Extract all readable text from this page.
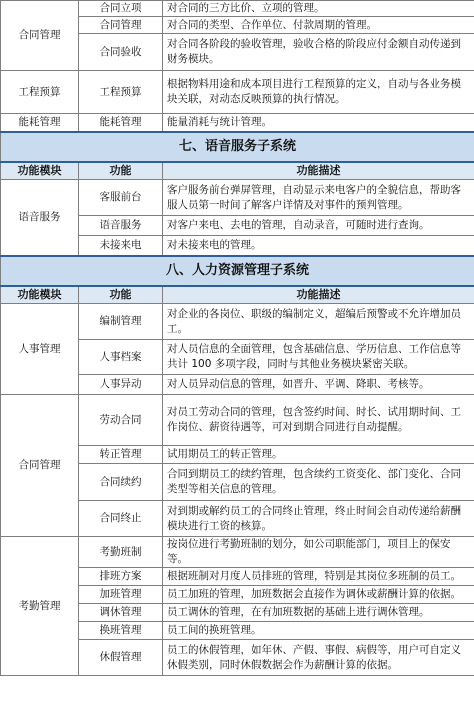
合同管理	合同立项	对合同的三方比价、立项的管理。
	合同管理	对合同的类型、合作单位、付款周期的管理。
	合同验收	对合同各阶段的验收管理，验收合格的阶段应付金额自动传递到财务模块。
工程预算	工程预算	根据物料用途和成本项目进行工程预算的定义，自动与各业务模块关联，对动态反映预算的执行情况。
能耗管理	能耗管理	能量消耗与统计管理。
七、语音服务子系统		
功能模块	功能	功能描述
语音服务	客服前台	客户服务前台弹屏管理，自动显示来电客户的全貌信息，帮助客服人员第一时间了解客户详情及对事件的预判管理。
	语音服务	对客户来电、去电的管理，自动录音，可随时进行查询。
	未接来电	对未接来电的管理。
八、人力资源管理子系统		
功能模块	功能	功能描述
人事管理	编制管理	对企业的各岗位、职级的编制定义，超编后预警或不允许增加员工。
	人事档案	对人员信息的全面管理，包含基础信息、学历信息、工作信息等共计 100 多项字段，同时与其他业务模块紧密关联。
	人事异动	对人员异动信息的管理，如晋升、平调、降职、考核等。
合同管理	劳动合同	对员工劳动合同的管理，包含签约时间、时长、试用期时间、工作岗位、薪资待遇等，可对到期合同进行自动提醒。
	转正管理	试用期员工的转正管理。
	合同续约	合同到期员工的续约管理，包含续约工资变化、部门变化、合同类型等相关信息的管理。
	合同终止	对到期或解约员工的合同终止管理，终止时间会自动传递给薪酬模块进行工资的核算。
考勤管理	考勤班制	按岗位进行考勤班制的划分，如公司职能部门，项目上的保安等。
	排班方案	根据班制对月度人员排班的管理，特别是其岗位多班制的员工。
	加班管理	员工加班的管理，加班数据会直接作为调休或薪酬计算的依据。
	调休管理	员工调休的管理，在有加班数据的基础上进行调休管理。
	换班管理	员工间的换班管理。
	休假管理	员工的休假管理，如年休、产假、事假、病假等，用户可自定义休假类别，同时休假数据会作为薪酬计算的依据。
